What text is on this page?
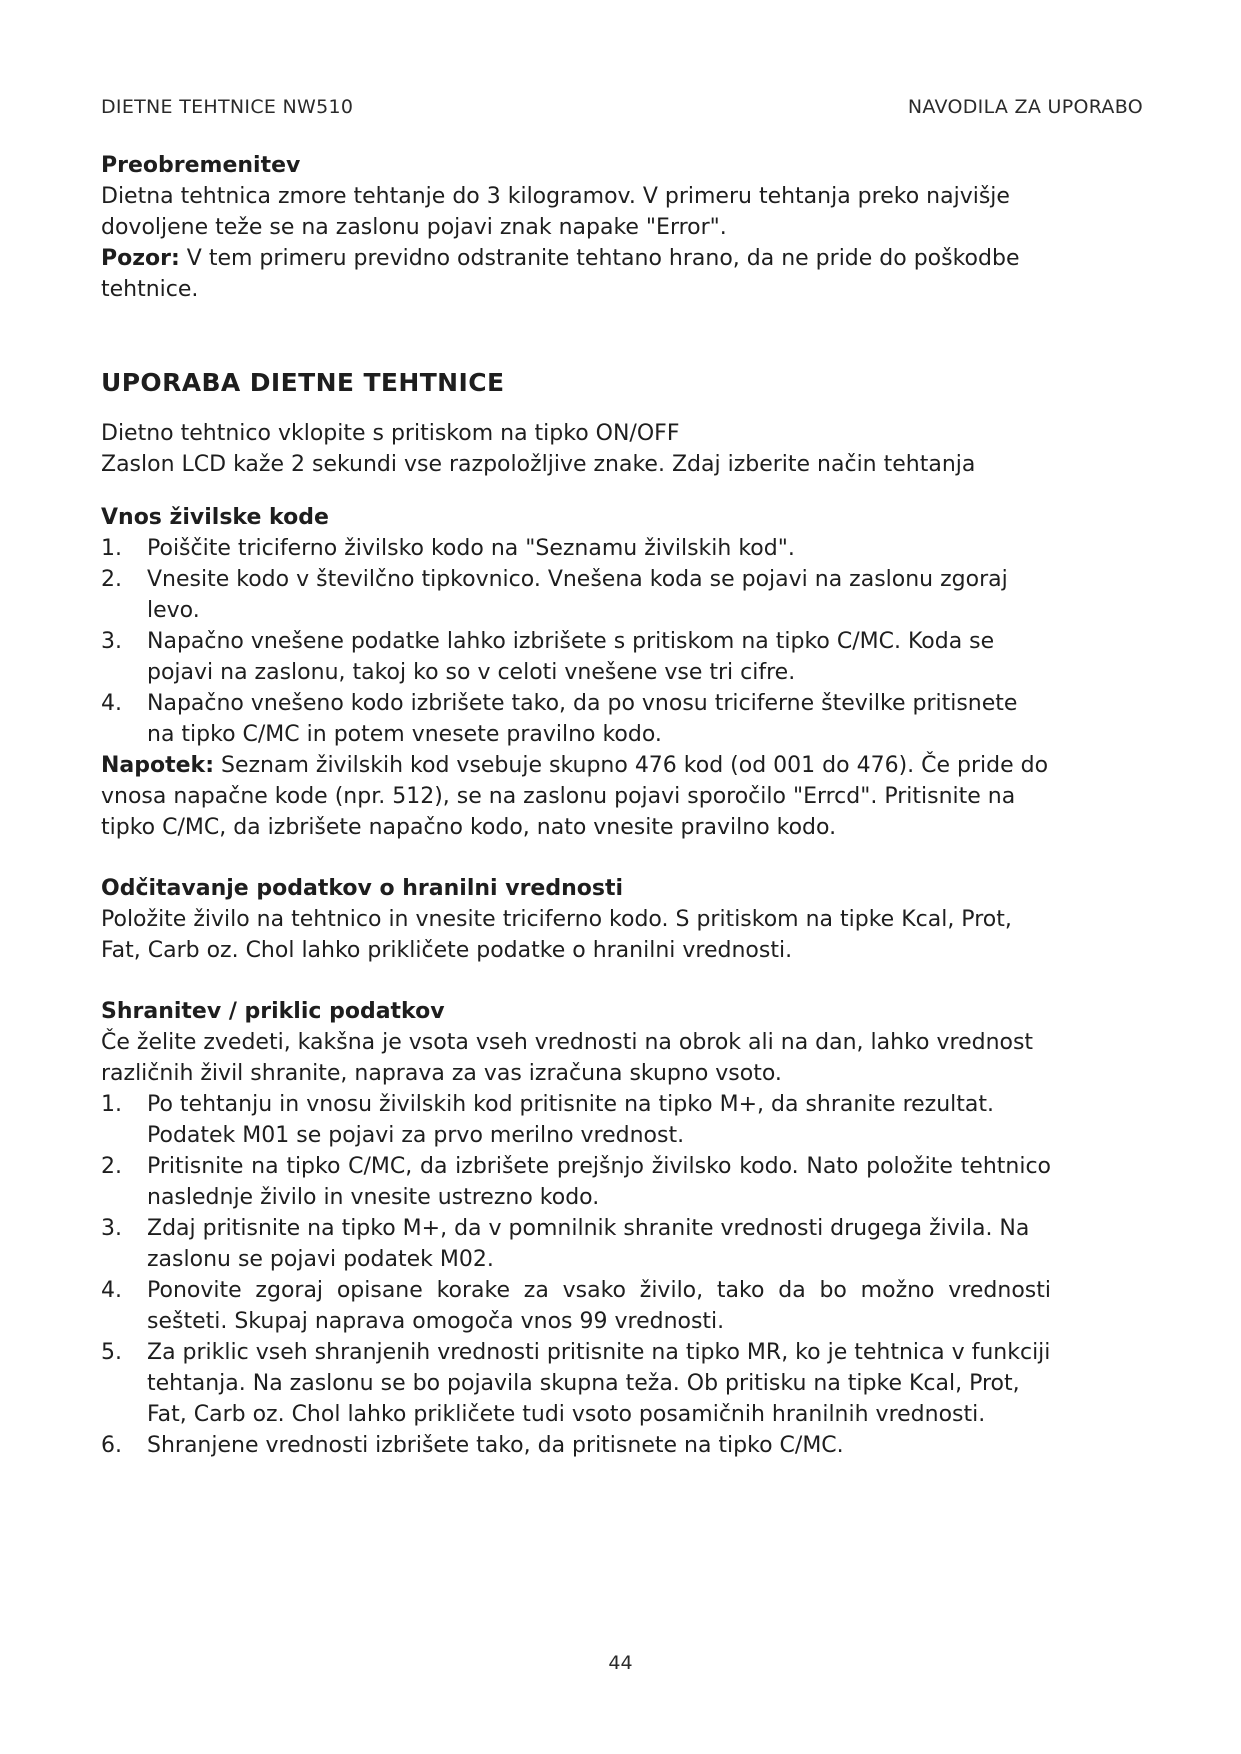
DIETNE TEHTNICE NW510	NAVODILA ZA UPORABO
Preobremenitev

Dietna tehtnica zmore tehtanje do 3 kilogramov. V primeru tehtanja preko najvišje dovoljene teže se na zaslonu pojavi znak napake "Error".

Pozor: V tem primeru previdno odstranite tehtano hrano, da ne pride do poškodbe tehtnice.

UPORABA DIETNE TEHTNICE

Dietno tehtnico vklopite s pritiskom na tipko ON/OFF

Zaslon LCD kaže 2 sekundi vse razpoložljive znake. Zdaj izberite način tehtanja

Vnos živilske kode
1.	Poiščite triciferno živilsko kodo na "Seznamu živilskih kod".
2.	Vnesite kodo v številčno tipkovnico. Vnešena koda se pojavi na zaslonu zgoraj levo.
3.	Napačno vnešene podatke lahko izbrišete s pritiskom na tipko C/MC. Koda se pojavi na zaslonu, takoj ko so v celoti vnešene vse tri cifre.
4.	Napačno vnešeno kodo izbrišete tako, da po vnosu triciferne številke pritisnete na tipko C/MC in potem vnesete pravilno kodo.

Napotek: Seznam živilskih kod vsebuje skupno 476 kod (od 001 do 476). Če pride do vnosa napačne kode (npr. 512), se na zaslonu pojavi sporočilo "Errcd". Pritisnite na tipko C/MC, da izbrišete napačno kodo, nato vnesite pravilno kodo.

Odčitavanje podatkov o hranilni vrednosti

Položite živilo na tehtnico in vnesite triciferno kodo. S pritiskom na tipke Kcal, Prot, Fat, Carb oz. Chol lahko prikličete podatke o hranilni vrednosti.

Shranitev / priklic podatkov

Če želite zvedeti, kakšna je vsota vseh vrednosti na obrok ali na dan, lahko vrednost različnih živil shranite, naprava za vas izračuna skupno vsoto.

1.	Po tehtanju in vnosu živilskih kod pritisnite na tipko M+, da shranite rezultat. Podatek M01 se pojavi za prvo merilno vrednost.
2.	Pritisnite na tipko C/MC, da izbrišete prejšnjo živilsko kodo. Nato položite tehtnico naslednje živilo in vnesite ustrezno kodo.
3.	Zdaj pritisnite na tipko M+, da v pomnilnik shranite vrednosti drugega živila. Na zaslonu se pojavi podatek M02.
4.	Ponovite zgoraj opisane korake za vsako živilo, tako da bo možno vrednosti sešteti. Skupaj naprava omogoča vnos 99 vrednosti.
5.	Za priklic vseh shranjenih vrednosti pritisnite na tipko MR, ko je tehtnica v funkciji tehtanja. Na zaslonu se bo pojavila skupna teža. Ob pritisku na tipke Kcal, Prot, Fat, Carb oz. Chol lahko prikličete tudi vsoto posamičnih hranilnih vrednosti.
6.	Shranjene vrednosti izbrišete tako, da pritisnete na tipko C/MC.
44
